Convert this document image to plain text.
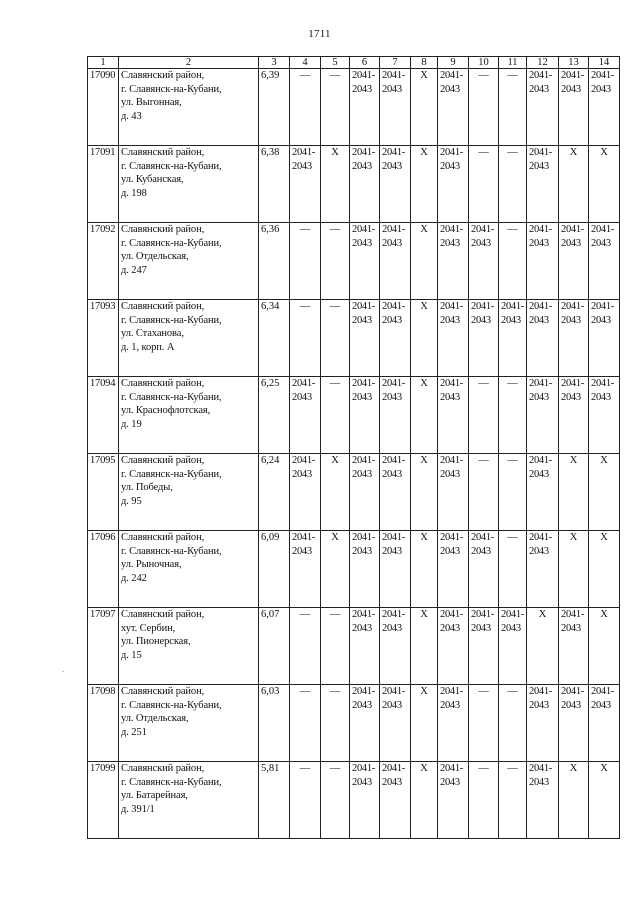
1711
1	2	3	4	5	6	7	8	9	10	11	12	13	14
17090	Славянский район,
г. Славянск-на-Кубани,
ул. Выгонная,
д. 43	6,39	—	—	2041-
2043	2041-
2043	X	2041-
2043	—	—	2041-
2043	2041-
2043	2041-
2043

17091	Славянский район,
г. Славянск-на-Кубани,
ул. Кубанская,
д. 198	6,38	2041-
2043	X	2041-
2043	2041-
2043	X	2041-
2043	—	—	2041-
2043	X	X
17092	Славянский район,
г. Славянск-на-Кубани,
ул. Отдельская,
д. 247	6,36	—	—	2041-
2043	2041-
2043	X	2041-
2043	2041-
2043	—	2041-
2043	2041-
2043	2041-
2043

17093	Славянский район,
г. Славянск-на-Кубани,
ул. Стаханова,
д. 1, корп. А	6,34	—	—	2041-
2043	2041-
2043	X	2041-
2043	2041-
2043	2041-
2043	2041-
2043	2041-
2043	2041-
2043

17094	Славянский район,
г. Славянск-на-Кубани,
ул. Краснофлотская,
д. 19	6,25	2041-
2043	—	2041-
2043	2041-
2043	X	2041-
2043	—	—	2041-
2043	2041-
2043	2041-
2043

17095	Славянский район,
г. Славянск-на-Кубани,
ул. Победы,
д. 95	6,24	2041-
2043	X	2041-
2043	2041-
2043	X	2041-
2043	—	—	2041-
2043	X	X
17096	Славянский район,
г. Славянск-на-Кубани,
ул. Рыночная,
д. 242	6,09	2041-
2043	X	2041-
2043	2041-
2043	X	2041-
2043	2041-
2043	—	2041-
2043	X	X
17097	Славянский район,
хут. Сербин,
ул. Пионерская,
д. 15	6,07	—	—	2041-
2043	2041-
2043	X	2041-
2043	2041-
2043	2041-
2043	X	2041-
2043	X
17098	Славянский район,
г. Славянск-на-Кубани,
ул. Отдельская,
д. 251	6,03	—	—	2041-
2043	2041-
2043	X	2041-
2043	—	—	2041-
2043	2041-
2043	2041-
2043

17099	Славянский район,
г. Славянск-на-Кубани,
ул. Батарейная,
д. 391/1	5,81	—	—	2041-
2043	2041-
2043	X	2041-
2043	—	—	2041-
2043	X	X
.
